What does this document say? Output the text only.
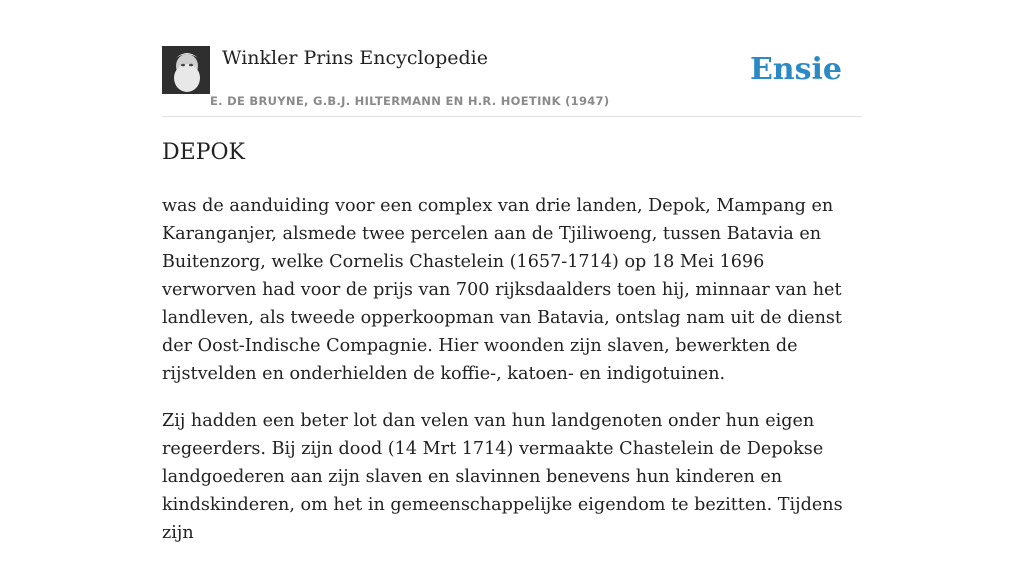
Winkler Prins Encyclopedie
E. DE BRUYNE, G.B.J. HILTERMANN EN H.R. HOETINK (1947)
Ensie
DEPOK

was de aanduiding voor een complex van drie landen, Depok, Mampang en Karanganjer, alsmede twee percelen aan de Tjiliwoeng, tussen Batavia en Buitenzorg, welke Cornelis Chastelein (1657-1714) op 18 Mei 1696 verworven had voor de prijs van 700 rijksdaalders toen hij, minnaar van het landleven, als tweede opperkoopman van Batavia, ontslag nam uit de dienst der Oost-Indische Compagnie. Hier woonden zijn slaven, bewerkten de rijstvelden en onderhielden de koffie-, katoen- en indigotuinen.

Zij hadden een beter lot dan velen van hun landgenoten onder hun eigen regeerders. Bij zijn dood (14 Mrt 1714) vermaakte Chastelein de Depokse landgoederen aan zijn slaven en slavinnen benevens hun kinderen en kindskinderen, om het in gemeenschappelijke eigendom te bezitten. Tijdens zijn
